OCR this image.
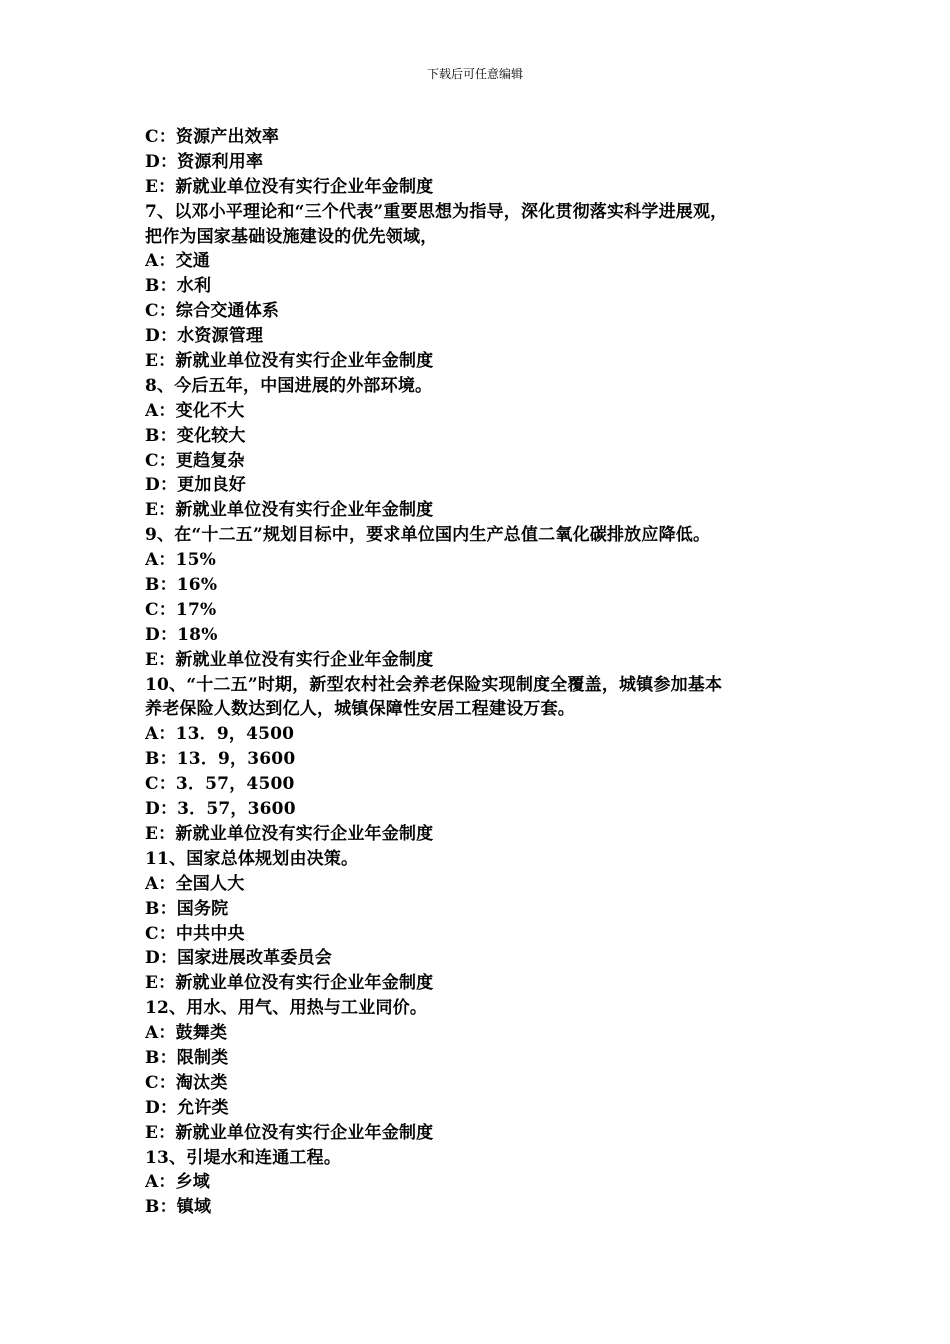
下载后可任意编辑
C：资源产出效率
D：资源利用率
E：新就业单位没有实行企业年金制度
7、以邓小平理论和“三个代表”重要思想为指导，深化贯彻落实科学进展观，
把作为国家基础设施建设的优先领域，
A：交通
B：水利
C：综合交通体系
D：水资源管理
E：新就业单位没有实行企业年金制度
8、今后五年，中国进展的外部环境。
A：变化不大
B：变化较大
C：更趋复杂
D：更加良好
E：新就业单位没有实行企业年金制度
9、在“十二五”规划目标中，要求单位国内生产总值二氧化碳排放应降低。
A：15%
B：16%
C：17%
D：18%
E：新就业单位没有实行企业年金制度
10、“十二五”时期，新型农村社会养老保险实现制度全覆盖，城镇参加基本
养老保险人数达到亿人，城镇保障性安居工程建设万套。
A：13．9，4500
B：13．9，3600
C：3．57，4500
D：3．57，3600
E：新就业单位没有实行企业年金制度
11、国家总体规划由决策。
A：全国人大
B：国务院
C：中共中央
D：国家进展改革委员会
E：新就业单位没有实行企业年金制度
12、用水、用气、用热与工业同价。
A：鼓舞类
B：限制类
C：淘汰类
D：允许类
E：新就业单位没有实行企业年金制度
13、引堤水和连通工程。
A：乡域
B：镇域
